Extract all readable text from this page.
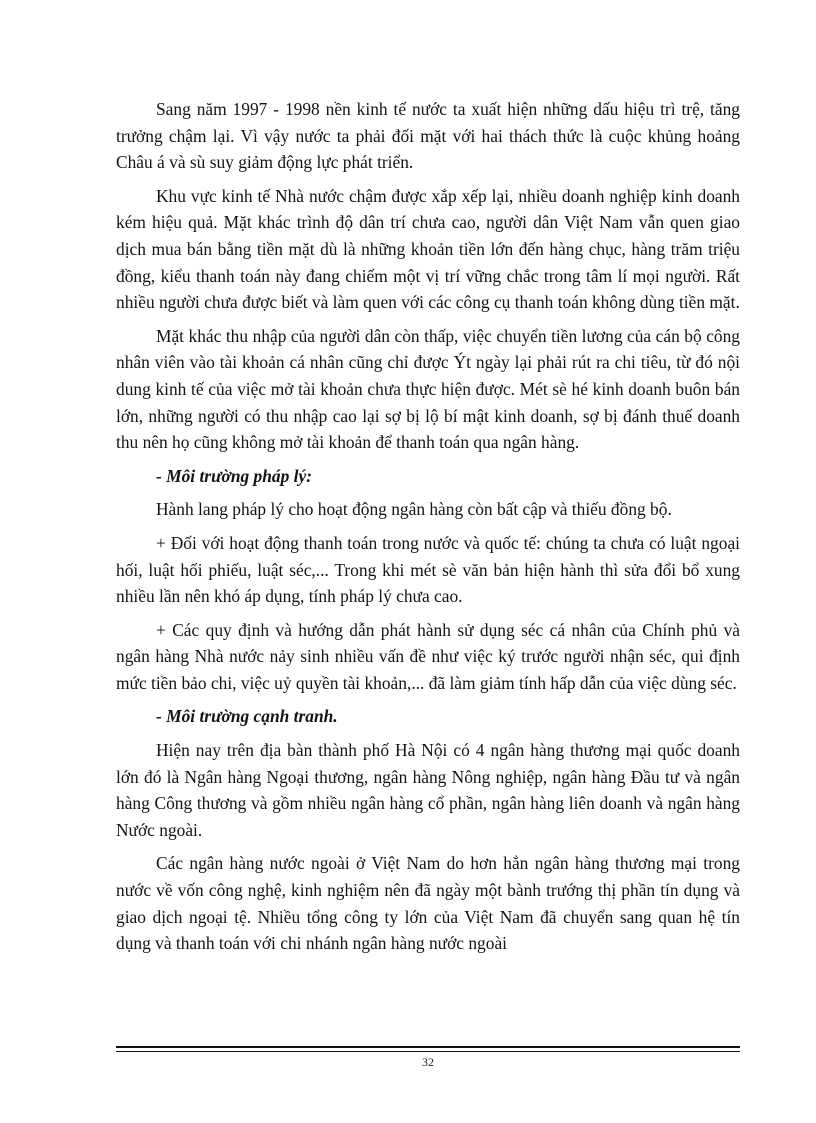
Sang năm 1997 - 1998 nền kinh tế nước ta xuất hiện những dấu hiệu trì trệ, tăng trưởng chậm lại. Vì vậy nước ta phải đối mặt với hai thách thức là cuộc khủng hoảng Châu á và sù suy giảm động lực phát triển.

Khu vực kinh tế Nhà nước chậm được xắp xếp lại, nhiều doanh nghiệp kinh doanh kém hiệu quả. Mặt khác trình độ dân trí chưa cao, người dân Việt Nam vẫn quen giao dịch mua bán bằng tiền mặt dù là những khoản tiền lớn đến hàng chục, hàng trăm triệu đồng, kiểu thanh toán này đang chiếm một vị trí vững chắc trong tâm lí mọi người. Rất nhiều người chưa được biết và làm quen với các công cụ thanh toán không dùng tiền mặt.

Mặt khác thu nhập của người dân còn thấp, việc chuyển tiền lương của cán bộ công nhân viên vào tài khoản cá nhân cũng chỉ được Ýt ngày lại phải rút ra chi tiêu, từ đó nội dung kinh tế của việc mở tài khoản chưa thực hiện được. Mét sè hé kinh doanh buôn bán lớn, những người có thu nhập cao lại sợ bị lộ bí mật kinh doanh, sợ bị đánh thuế doanh thu nên họ cũng không mở tài khoản để thanh toán qua ngân hàng.

- Môi trường pháp lý:

Hành lang pháp lý cho hoạt động ngân hàng còn bất cập và thiếu đồng bộ.

+ Đối với hoạt động thanh toán trong nước và quốc tế: chúng ta chưa có luật ngoại hối, luật hối phiếu, luật séc,... Trong khi mét sè văn bản hiện hành thì sửa đổi bổ xung nhiều lần nên khó áp dụng, tính pháp lý chưa cao.

+ Các quy định và hướng dẫn phát hành sử dụng séc cá nhân của Chính phủ và ngân hàng Nhà nước nảy sinh nhiều vấn đề như việc ký trước người nhận séc, qui định mức tiền bảo chi, việc uỷ quyền tài khoản,... đã làm giảm tính hấp dẫn của việc dùng séc.

- Môi trường cạnh tranh.

Hiện nay trên địa bàn thành phố Hà Nội có 4 ngân hàng thương mại quốc doanh lớn đó là Ngân hàng Ngoại thương, ngân hàng Nông nghiệp, ngân hàng Đầu tư và ngân hàng Công thương và gồm nhiều ngân hàng cổ phần, ngân hàng liên doanh và ngân hàng Nước ngoài.

Các ngân hàng nước ngoài ở Việt Nam do hơn hẳn ngân hàng thương mại trong nước về vốn công nghệ, kinh nghiệm nên đã ngày một bành trướng thị phần tín dụng và giao dịch ngoại tệ. Nhiều tổng công ty lớn của Việt Nam đã chuyển sang quan hệ tín dụng và thanh toán với chi nhánh ngân hàng nước ngoài

32
